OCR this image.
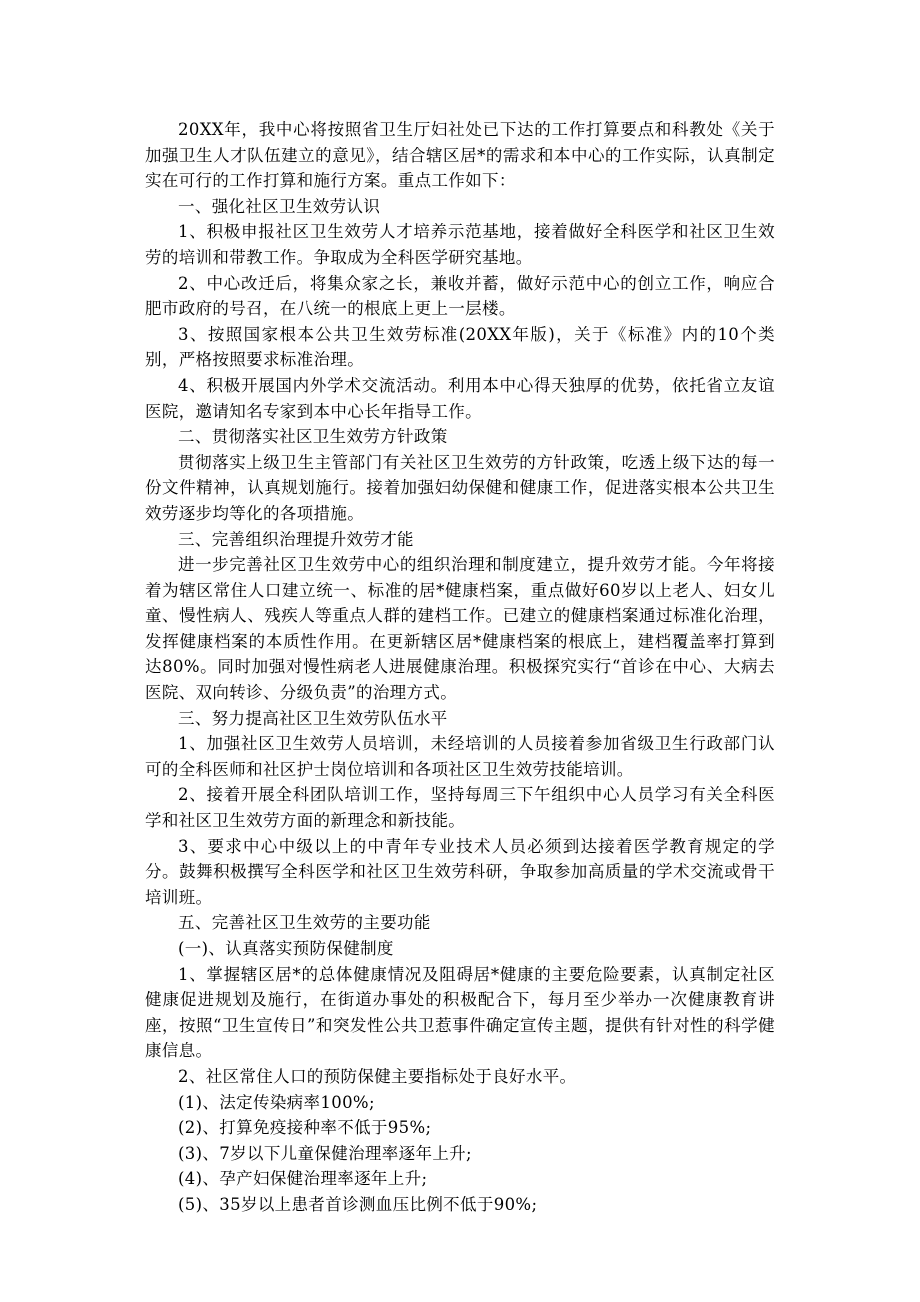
20XX年，我中心将按照省卫生厅妇社处已下达的工作打算要点和科教处《关于加强卫生人才队伍建立的意见》，结合辖区居*的需求和本中心的工作实际，认真制定实在可行的工作打算和施行方案。重点工作如下：

一、强化社区卫生效劳认识

1、积极申报社区卫生效劳人才培养示范基地，接着做好全科医学和社区卫生效劳的培训和带教工作。争取成为全科医学研究基地。

2、中心改迁后，将集众家之长，兼收并蓄，做好示范中心的创立工作，响应合肥市政府的号召，在八统一的根底上更上一层楼。

3、按照国家根本公共卫生效劳标准(20XX年版)，关于《标准》内的10个类别，严格按照要求标准治理。

4、积极开展国内外学术交流活动。利用本中心得天独厚的优势，依托省立友谊医院，邀请知名专家到本中心长年指导工作。

二、贯彻落实社区卫生效劳方针政策

贯彻落实上级卫生主管部门有关社区卫生效劳的方针政策，吃透上级下达的每一份文件精神，认真规划施行。接着加强妇幼保健和健康工作，促进落实根本公共卫生效劳逐步均等化的各项措施。

三、完善组织治理提升效劳才能

进一步完善社区卫生效劳中心的组织治理和制度建立，提升效劳才能。今年将接着为辖区常住人口建立统一、标准的居*健康档案，重点做好60岁以上老人、妇女儿童、慢性病人、残疾人等重点人群的建档工作。已建立的健康档案通过标准化治理，发挥健康档案的本质性作用。在更新辖区居*健康档案的根底上，建档覆盖率打算到达80%。同时加强对慢性病老人进展健康治理。积极探究实行“首诊在中心、大病去医院、双向转诊、分级负责”的治理方式。

三、努力提高社区卫生效劳队伍水平

1、加强社区卫生效劳人员培训，未经培训的人员接着参加省级卫生行政部门认可的全科医师和社区护士岗位培训和各项社区卫生效劳技能培训。

2、接着开展全科团队培训工作，坚持每周三下午组织中心人员学习有关全科医学和社区卫生效劳方面的新理念和新技能。

3、要求中心中级以上的中青年专业技术人员必须到达接着医学教育规定的学分。鼓舞积极撰写全科医学和社区卫生效劳科研，争取参加高质量的学术交流或骨干培训班。

五、完善社区卫生效劳的主要功能

(一)、认真落实预防保健制度

1、掌握辖区居*的总体健康情况及阻碍居*健康的主要危险要素，认真制定社区健康促进规划及施行，在街道办事处的积极配合下，每月至少举办一次健康教育讲座，按照“卫生宣传日”和突发性公共卫惹事件确定宣传主题，提供有针对性的科学健康信息。

2、社区常住人口的预防保健主要指标处于良好水平。

(1)、法定传染病率100%;

(2)、打算免疫接种率不低于95%;

(3)、7岁以下儿童保健治理率逐年上升;

(4)、孕产妇保健治理率逐年上升;

(5)、35岁以上患者首诊测血压比例不低于90%;
